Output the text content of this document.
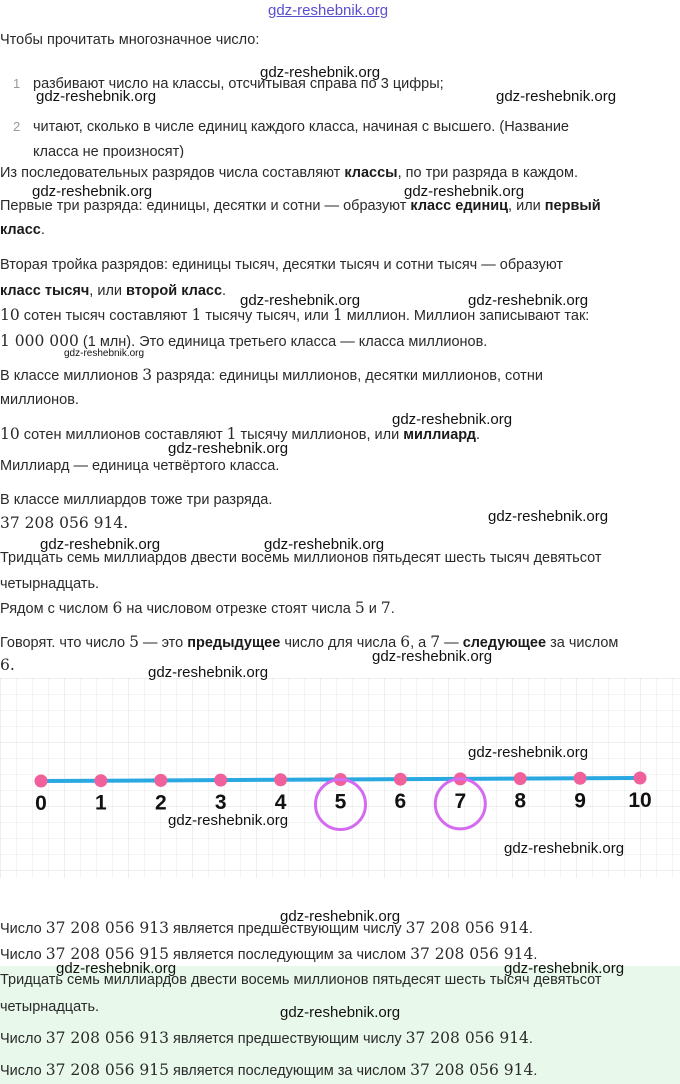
gdz-reshebnik.org
Чтобы прочитать многозначное число:
1 разбивают число на классы, отсчитывая справа по 3 цифры;
2 читают, сколько в числе единиц каждого класса, начиная с высшего. (Название
класса не произносят)
Из последовательных разрядов числа составляют классы, по три разряда в каждом.
Первые три разряда: единицы, десятки и сотни — образуют класс единиц, или первый
класс.
Вторая тройка разрядов: единицы тысяч, десятки тысяч и сотни тысяч — образуют
класс тысяч, или второй класс.
10 сотен тысяч составляют 1 тысячу тысяч, или 1 миллион. Миллион записывают так:
1 000 000 (1 млн). Это единица третьего класса — класса миллионов.
В классе миллионов 3 разряда: единицы миллионов, десятки миллионов, сотни
миллионов.
10 сотен миллионов составляют 1 тысячу миллионов, или миллиард.
Миллиард — единица четвёртого класса.
В классе миллиардов тоже три разряда.
37 208 056 914.
Тридцать семь миллиардов двести восемь миллионов пятьдесят шесть тысяч девятьсот
четырнадцать.
Рядом с числом 6 на числовом отрезке стоят числа 5 и 7.
Говорят. что число 5 — это предыдущее число для числа 6, а 7 — следующее за числом
6.
0 1 2 3 4 5 6 7 8 9 10
Число 37 208 056 913 является предшествующим числу 37 208 056 914.
Число 37 208 056 915 является последующим за числом 37 208 056 914.
Тридцать семь миллиардов двести восемь миллионов пятьдесят шесть тысяч девятьсот
четырнадцать.
Число 37 208 056 913 является предшествующим числу 37 208 056 914.
Число 37 208 056 915 является последующим за числом 37 208 056 914.
gdz-reshebnik.org
gdz-reshebnik.org	gdz-reshebnik.org
gdz-reshebnik.org	gdz-reshebnik.org
gdz-reshebnik.org	gdz-reshebnik.org
gdz-reshebnik.org
gdz-reshebnik.org
gdz-reshebnik.org
gdz-reshebnik.org
gdz-reshebnik.org	gdz-reshebnik.org
gdz-reshebnik.org
gdz-reshebnik.org
gdz-reshebnik.org
gdz-reshebnik.org
gdz-reshebnik.org
gdz-reshebnik.org
gdz-reshebnik.org	gdz-reshebnik.org
gdz-reshebnik.org
